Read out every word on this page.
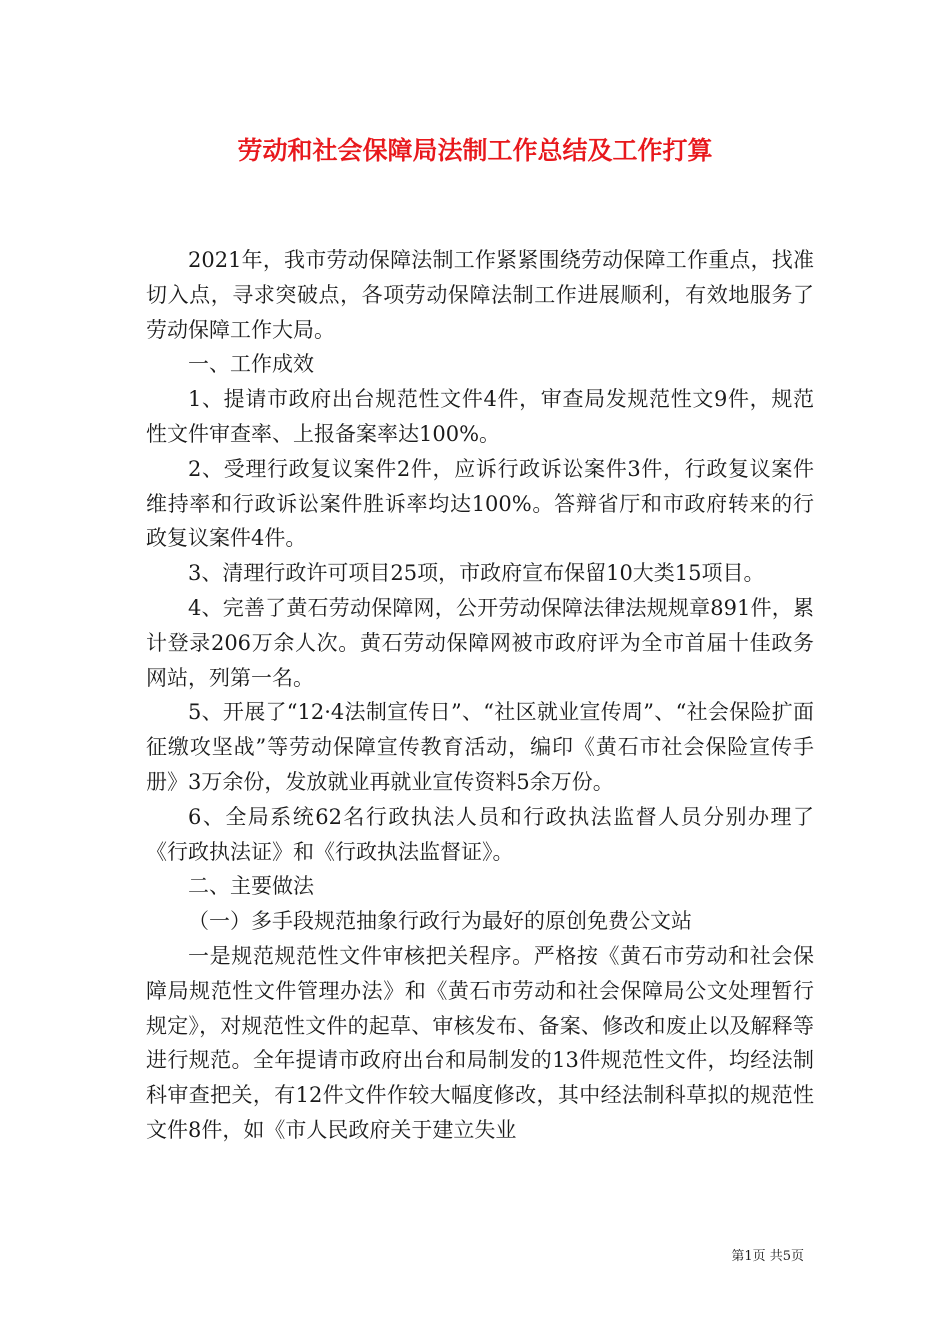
劳动和社会保障局法制工作总结及工作打算

2021年，我市劳动保障法制工作紧紧围绕劳动保障工作重点，找准切入点，寻求突破点，各项劳动保障法制工作进展顺利，有效地服务了劳动保障工作大局。

一、工作成效

1、提请市政府出台规范性文件4件，审查局发规范性文9件，规范性文件审查率、上报备案率达100%。

2、受理行政复议案件2件，应诉行政诉讼案件3件，行政复议案件维持率和行政诉讼案件胜诉率均达100%。答辩省厅和市政府转来的行政复议案件4件。

3、清理行政许可项目25项，市政府宣布保留10大类15项目。

4、完善了黄石劳动保障网，公开劳动保障法律法规规章891件，累计登录206万余人次。黄石劳动保障网被市政府评为全市首届十佳政务网站，列第一名。

5、开展了“12·4法制宣传日”、“社区就业宣传周”、“社会保险扩面征缴攻坚战”等劳动保障宣传教育活动，编印《黄石市社会保险宣传手册》3万余份，发放就业再就业宣传资料5余万份。

6、全局系统62名行政执法人员和行政执法监督人员分别办理了《行政执法证》和《行政执法监督证》。

二、主要做法

（一）多手段规范抽象行政行为最好的原创免费公文站

一是规范规范性文件审核把关程序。严格按《黄石市劳动和社会保障局规范性文件管理办法》和《黄石市劳动和社会保障局公文处理暂行规定》，对规范性文件的起草、审核发布、备案、修改和废止以及解释等进行规范。全年提请市政府出台和局制发的13件规范性文件，均经法制科审查把关，有12件文件作较大幅度修改，其中经法制科草拟的规范性文件8件，如《市人民政府关于建立失业

第1页 共5页
